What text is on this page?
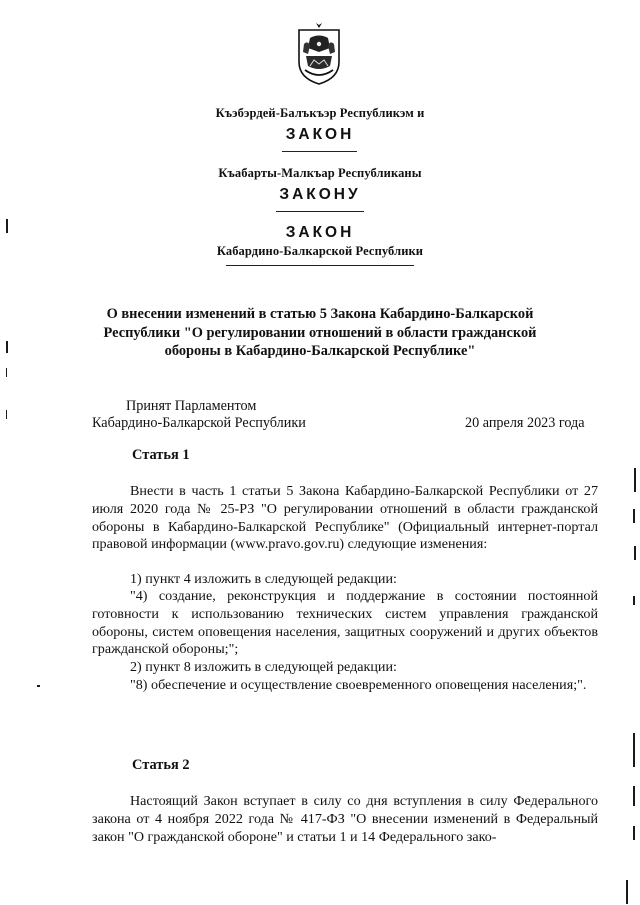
Къэбэрдей-Балъкъэр Республикэм и
ЗАКОН
Къабарты-Малкъар Республиканы
ЗАКОНУ
ЗАКОН
Кабардино-Балкарской Республики

О внесении изменений в статью 5 Закона Кабардино-Балкарской Республики "О регулировании отношений в области гражданской обороны в Кабардино-Балкарской Республике"

Принят Парламентом
Кабардино-Балкарской Республики	20 апреля 2023 года
Статья 1

Внести в часть 1 статьи 5 Закона Кабардино-Балкарской Республики от 27 июля 2020 года № 25-РЗ "О регулировании отношений в области гражданской обороны в Кабардино-Балкарской Республике" (Официальный интернет-портал правовой информации (www.pravo.gov.ru) следующие изменения:

1) пункт 4 изложить в следующей редакции:

"4) создание, реконструкция и поддержание в состоянии постоянной готовности к использованию технических систем управления гражданской обороны, систем оповещения населения, защитных сооружений и других объектов гражданской обороны;";

2) пункт 8 изложить в следующей редакции:

"8) обеспечение и осуществление своевременного оповещения населения;".

Статья 2

Настоящий Закон вступает в силу со дня вступления в силу Федерального закона от 4 ноября 2022 года № 417-ФЗ "О внесении изменений в Федеральный закон "О гражданской обороне" и статьи 1 и 14 Федерального зако-
